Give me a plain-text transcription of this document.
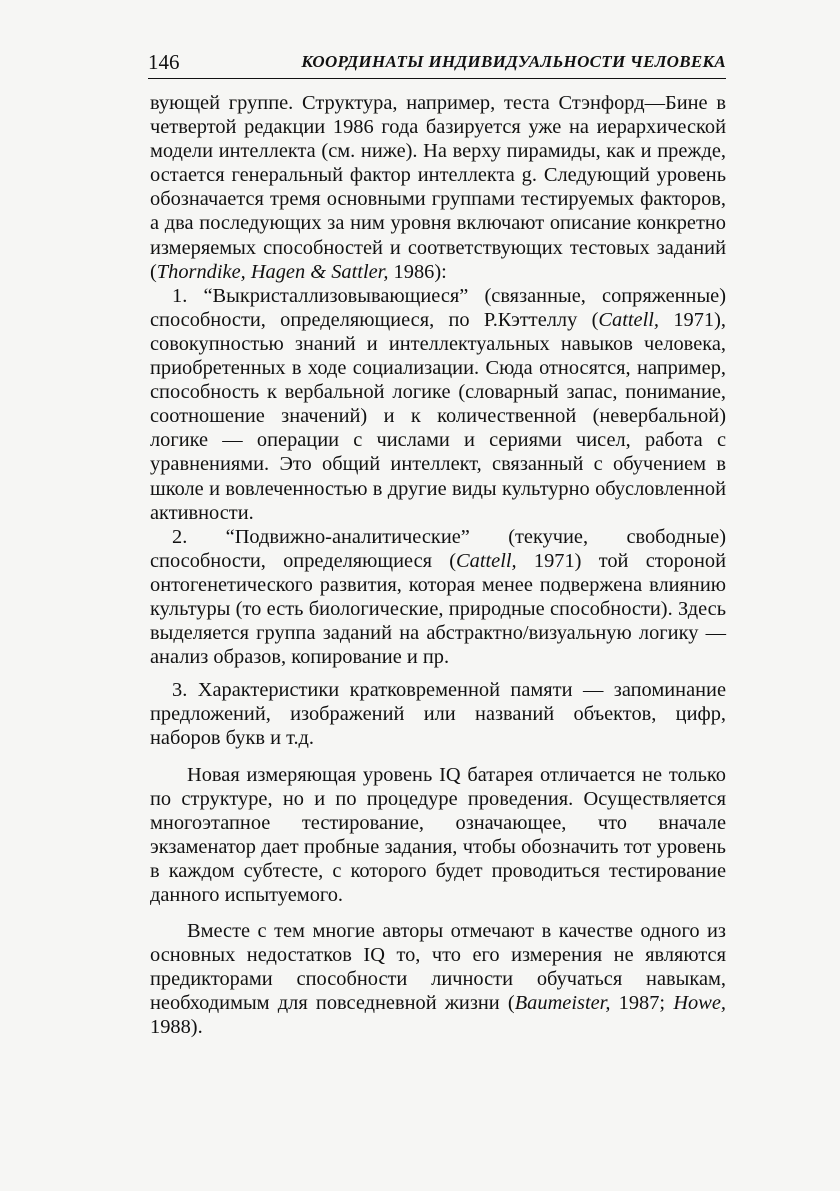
146	КООРДИНАТЫ ИНДИВИДУАЛЬНОСТИ ЧЕЛОВЕКА

вующей группе. Структура, например, теста Стэнфорд—Бине в четвертой редакции 1986 года базируется уже на иерархической модели интеллекта (см. ниже). На верху пирамиды, как и прежде, остается генеральный фактор интеллекта g. Следующий уровень обозначается тремя основными группами тестируемых факторов, а два последующих за ним уровня включают описание конкретно измеряемых способностей и соответствующих тестовых заданий (Thorndike, Hagen & Sattler, 1986):

1. “Выкристаллизовывающиеся” (связанные, сопряженные) способности, определяющиеся, по Р.Кэттеллу (Cattell, 1971), совокупностью знаний и интеллектуальных навыков человека, приобретенных в ходе социализации. Сюда относятся, например, способность к вербальной логике (словарный запас, понимание, соотношение значений) и к количественной (невербальной) логике — операции с числами и сериями чисел, работа с уравнениями. Это общий интеллект, связанный с обучением в школе и вовлеченностью в другие виды культурно обусловленной активности.

2. “Подвижно-аналитические” (текучие, свободные) способности, определяющиеся (Cattell, 1971) той стороной онтогенетического развития, которая менее подвержена влиянию культуры (то есть биологические, природные способности). Здесь выделяется группа заданий на абстрактно/визуальную логику — анализ образов, копирование и пр.

3. Характеристики кратковременной памяти — запоминание предложений, изображений или названий объектов, цифр, наборов букв и т.д.

Новая измеряющая уровень IQ батарея отличается не только по структуре, но и по процедуре проведения. Осуществляется многоэтапное тестирование, означающее, что вначале экзаменатор дает пробные задания, чтобы обозначить тот уровень в каждом субтесте, с которого будет проводиться тестирование данного испытуемого.

Вместе с тем многие авторы отмечают в качестве одного из основных недостатков IQ то, что его измерения не являются предикторами способности личности обучаться навыкам, необходимым для повседневной жизни (Baumeister, 1987; Howe, 1988).
